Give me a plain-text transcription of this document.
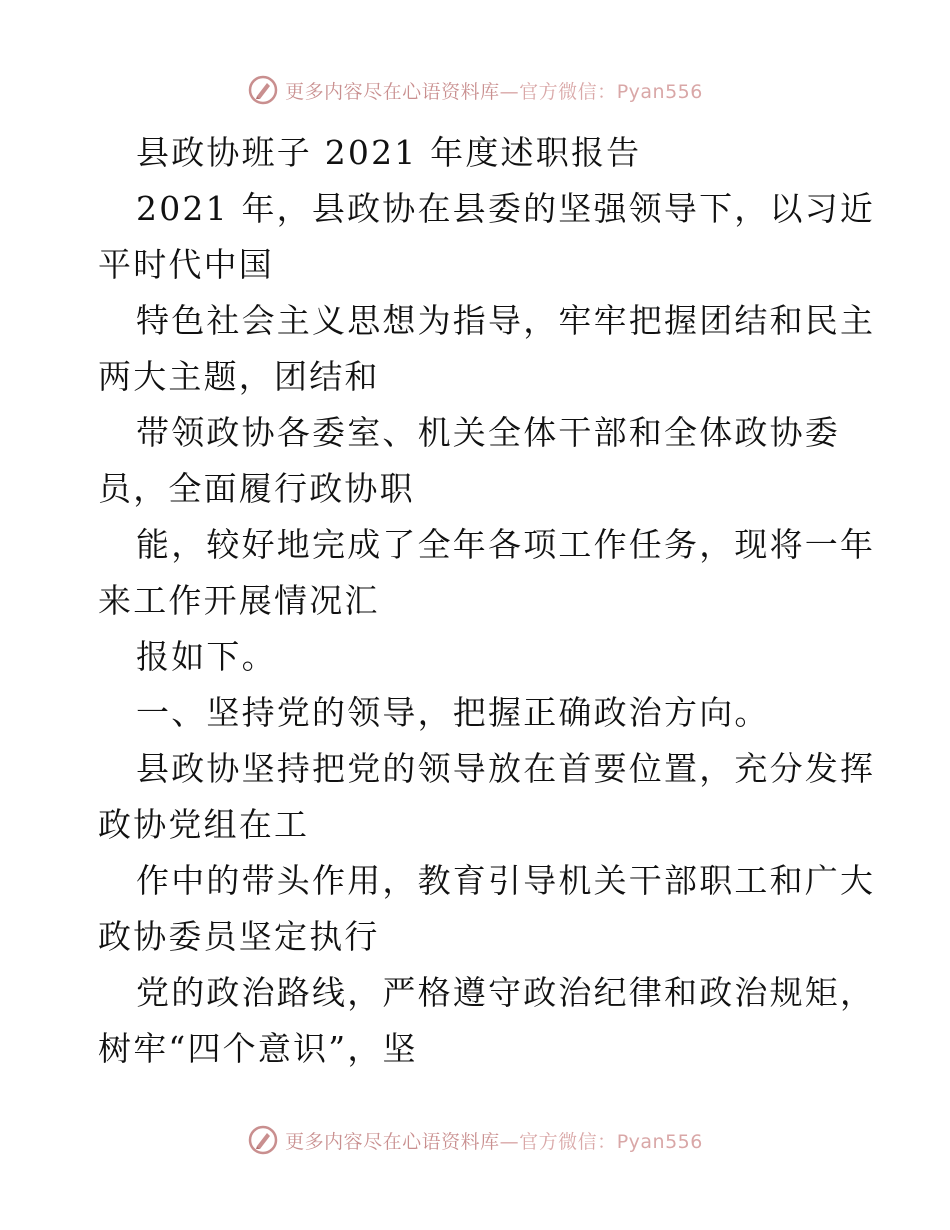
更多内容尽在心语资料库—官方微信：Pyan556
县政协班子 2021 年度述职报告
2021 年，县政协在县委的坚强领导下，以习近
平时代中国
特色社会主义思想为指导，牢牢把握团结和民主
两大主题，团结和
带领政协各委室、机关全体干部和全体政协委
员，全面履行政协职
能，较好地完成了全年各项工作任务，现将一年
来工作开展情况汇
报如下。
一、坚持党的领导，把握正确政治方向。
县政协坚持把党的领导放在首要位置，充分发挥
政协党组在工
作中的带头作用，教育引导机关干部职工和广大
政协委员坚定执行
党的政治路线，严格遵守政治纪律和政治规矩，
树牢“四个意识”，坚
更多内容尽在心语资料库—官方微信：Pyan556
